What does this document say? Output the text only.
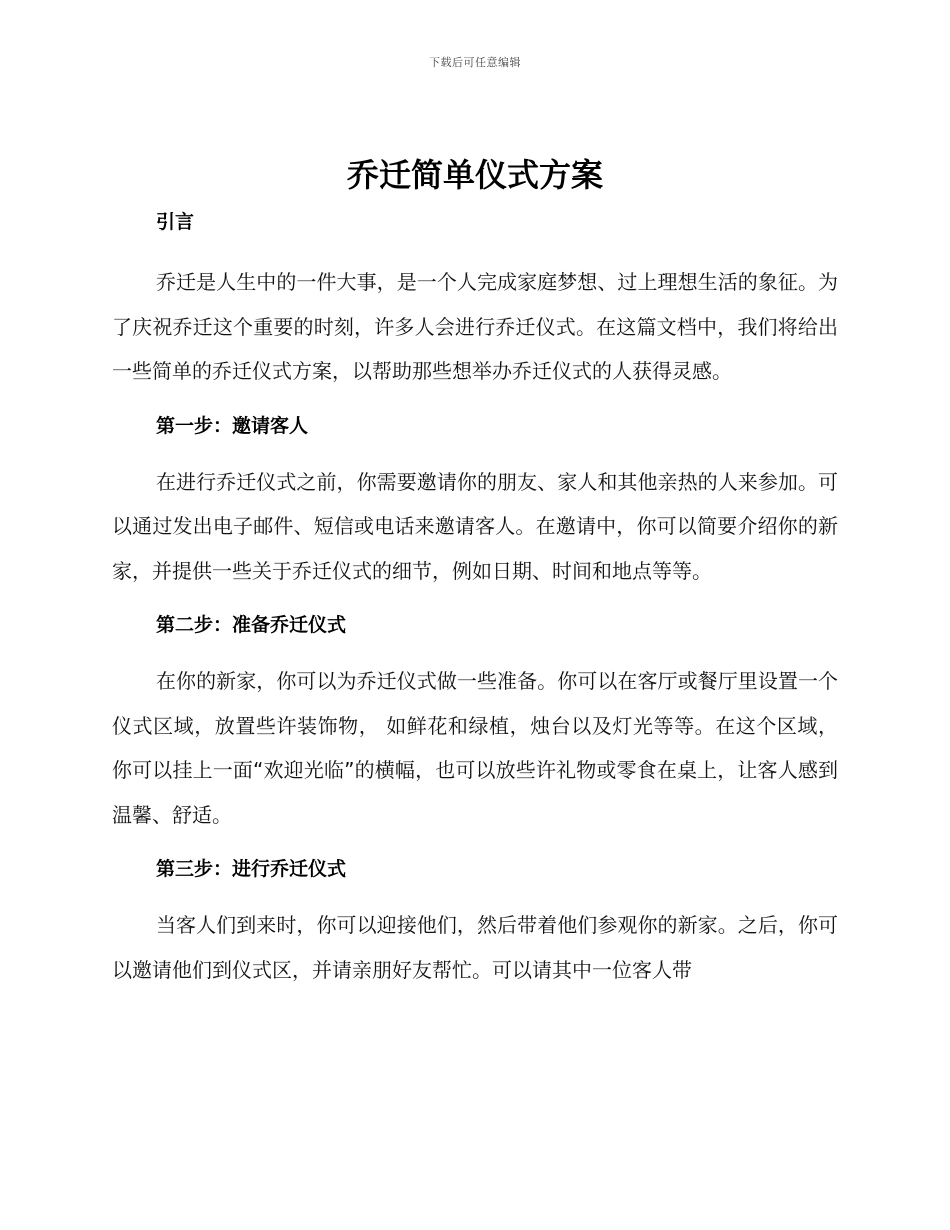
下载后可任意编辑
乔迁简单仪式方案
引言

乔迁是人生中的一件大事，是一个人完成家庭梦想、过上理想生活的象征。为了庆祝乔迁这个重要的时刻，许多人会进行乔迁仪式。在这篇文档中，我们将给出一些简单的乔迁仪式方案，以帮助那些想举办乔迁仪式的人获得灵感。

第一步：邀请客人

在进行乔迁仪式之前，你需要邀请你的朋友、家人和其他亲热的人来参加。可以通过发出电子邮件、短信或电话来邀请客人。在邀请中，你可以简要介绍你的新家，并提供一些关于乔迁仪式的细节，例如日期、时间和地点等等。

第二步：准备乔迁仪式

在你的新家，你可以为乔迁仪式做一些准备。你可以在客厅或餐厅里设置一个仪式区域，放置些许装饰物， 如鲜花和绿植，烛台以及灯光等等。在这个区域，你可以挂上一面“欢迎光临”的横幅，也可以放些许礼物或零食在桌上，让客人感到温馨、舒适。

第三步：进行乔迁仪式

当客人们到来时，你可以迎接他们，然后带着他们参观你的新家。之后，你可以邀请他们到仪式区，并请亲朋好友帮忙。可以请其中一位客人带
